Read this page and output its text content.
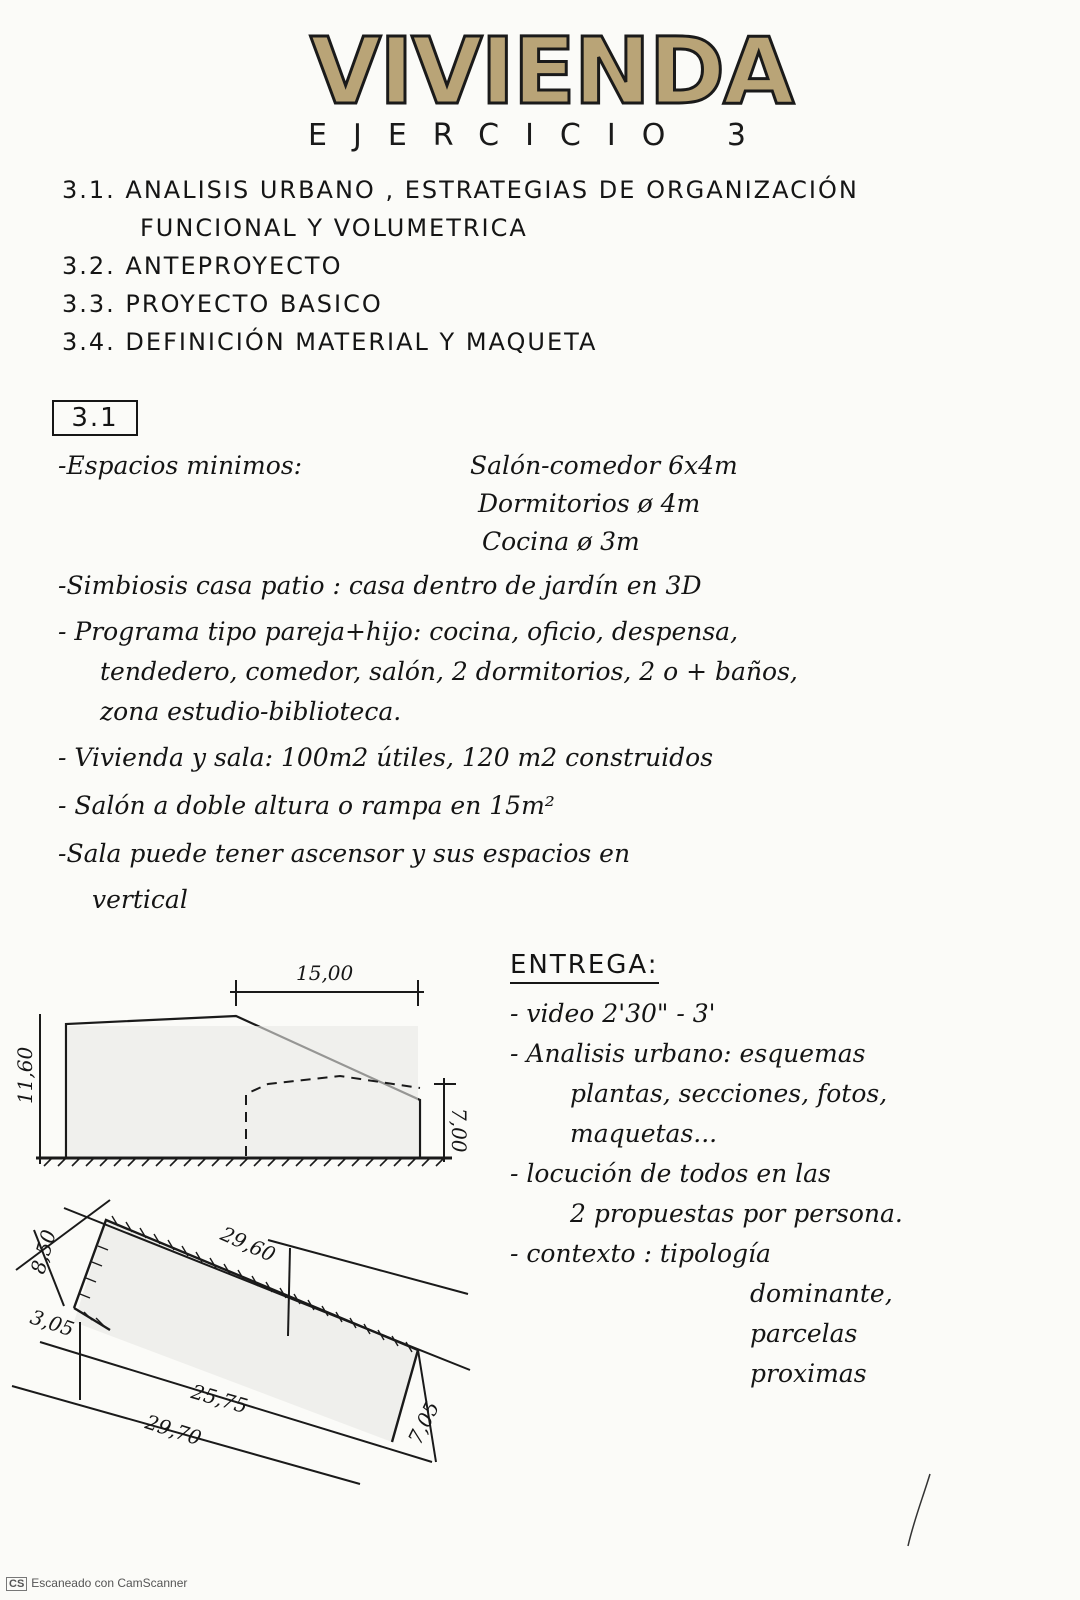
VIVIENDA
EJERCICIO 3
3.1. ANALISIS URBANO , ESTRATEGIAS DE ORGANIZACIÓN
FUNCIONAL Y VOLUMETRICA
3.2. ANTEPROYECTO
3.3. PROYECTO BASICO
3.4. DEFINICIÓN MATERIAL Y MAQUETA
3.1
-Espacios minimos:	Salón-comedor 6x4m
Dormitorios ø 4m
Cocina ø 3m
-Simbiosis casa patio : casa dentro de jardín en 3D
- Programa tipo pareja+hijo: cocina, oficio, despensa,
tendedero, comedor, salón, 2 dormitorios, 2 o + baños,
zona estudio-biblioteca.
- Vivienda y sala: 100m2 útiles, 120 m2 construidos
- Salón a doble altura o rampa en 15m²
-Sala puede tener ascensor y sus espacios en
vertical
15,00
11,60
7,00
29,60
8,50
3,05
25,75
29,70	7,05
ENTREGA:
- video 2'30" - 3'
- Analisis urbano: esquemas
plantas, secciones, fotos,
maquetas...
- locución de todos en las
2 propuestas por persona.
- contexto : tipología
dominante,
parcelas
proximas
CS Escaneado con CamScanner
